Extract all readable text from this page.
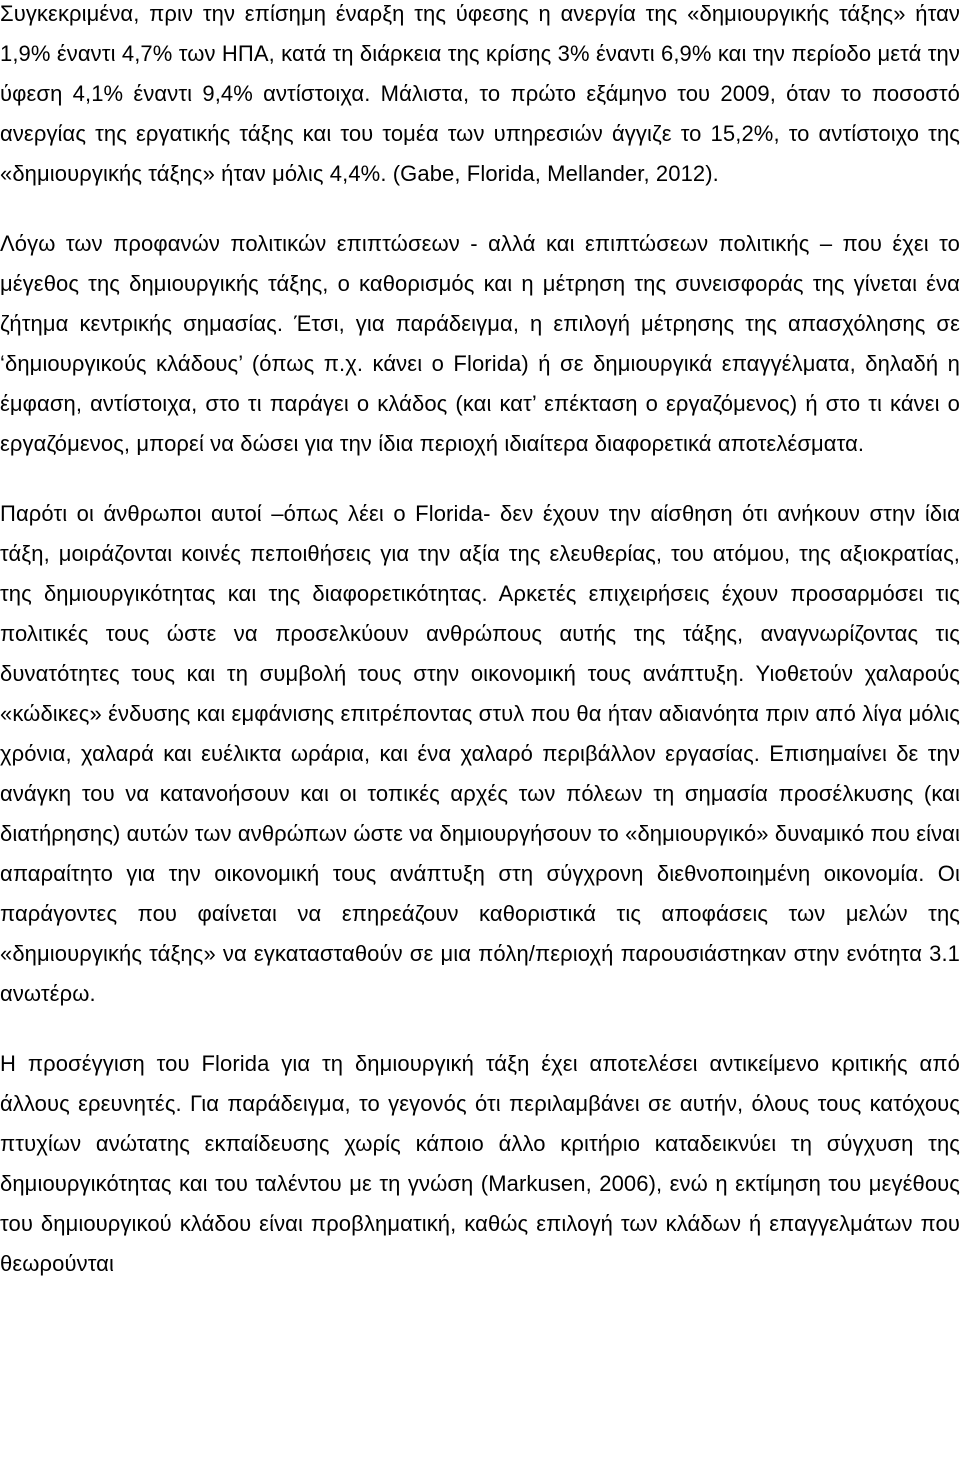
Συγκεκριμένα, πριν την επίσημη έναρξη της ύφεσης η ανεργία της «δημιουργικής τάξης» ήταν 1,9% έναντι 4,7% των ΗΠΑ, κατά τη διάρκεια της κρίσης 3% έναντι 6,9% και την περίοδο μετά την ύφεση 4,1% έναντι 9,4% αντίστοιχα. Μάλιστα, το πρώτο εξάμηνο του 2009, όταν το ποσοστό ανεργίας της εργατικής τάξης και του τομέα των υπηρεσιών άγγιζε το 15,2%, το αντίστοιχο της «δημιουργικής τάξης» ήταν μόλις 4,4%. (Gabe, Florida, Mellander, 2012).

Λόγω των προφανών πολιτικών επιπτώσεων - αλλά και επιπτώσεων πολιτικής – που έχει το μέγεθος της δημιουργικής τάξης, ο καθορισμός και η μέτρηση της συνεισφοράς της γίνεται ένα ζήτημα κεντρικής σημασίας. Έτσι, για παράδειγμα, η επιλογή μέτρησης της απασχόλησης σε ‘δημιουργικούς κλάδους’ (όπως π.χ. κάνει ο Florida) ή σε δημιουργικά επαγγέλματα, δηλαδή η έμφαση, αντίστοιχα, στο τι παράγει ο κλάδος (και κατ’ επέκταση ο εργαζόμενος) ή στο τι κάνει ο εργαζόμενος, μπορεί να δώσει για την ίδια περιοχή ιδιαίτερα διαφορετικά αποτελέσματα.

Παρότι οι άνθρωποι αυτοί –όπως λέει ο Florida- δεν έχουν την αίσθηση ότι ανήκουν στην ίδια τάξη, μοιράζονται κοινές πεποιθήσεις για την αξία της ελευθερίας, του ατόμου, της αξιοκρατίας, της δημιουργικότητας και της διαφορετικότητας. Αρκετές επιχειρήσεις έχουν προσαρμόσει τις πολιτικές τους ώστε να προσελκύουν ανθρώπους αυτής της τάξης, αναγνωρίζοντας τις δυνατότητες τους και τη συμβολή τους στην οικονομική τους ανάπτυξη. Υιοθετούν χαλαρούς «κώδικες» ένδυσης και εμφάνισης επιτρέποντας στυλ που θα ήταν αδιανόητα πριν από λίγα μόλις χρόνια, χαλαρά και ευέλικτα ωράρια, και ένα χαλαρό περιβάλλον εργασίας. Επισημαίνει δε την ανάγκη του να κατανοήσουν και οι τοπικές αρχές των πόλεων τη σημασία προσέλκυσης (και διατήρησης) αυτών των ανθρώπων ώστε να δημιουργήσουν το «δημιουργικό» δυναμικό που είναι απαραίτητο για την οικονομική τους ανάπτυξη στη σύγχρονη διεθνοποιημένη οικονομία. Οι παράγοντες που φαίνεται να επηρεάζουν καθοριστικά τις αποφάσεις των μελών της «δημιουργικής τάξης» να εγκατασταθούν σε μια πόλη/περιοχή παρουσιάστηκαν στην ενότητα 3.1 ανωτέρω.

Η προσέγγιση του Florida για τη δημιουργική τάξη έχει αποτελέσει αντικείμενο κριτικής από άλλους ερευνητές. Για παράδειγμα, το γεγονός ότι περιλαμβάνει σε αυτήν, όλους τους κατόχους πτυχίων ανώτατης εκπαίδευσης χωρίς κάποιο άλλο κριτήριο καταδεικνύει τη σύγχυση της δημιουργικότητας και του ταλέντου με τη γνώση (Markusen, 2006), ενώ η εκτίμηση του μεγέθους του δημιουργικού κλάδου είναι προβληματική, καθώς επιλογή των κλάδων ή επαγγελμάτων που θεωρούνται
